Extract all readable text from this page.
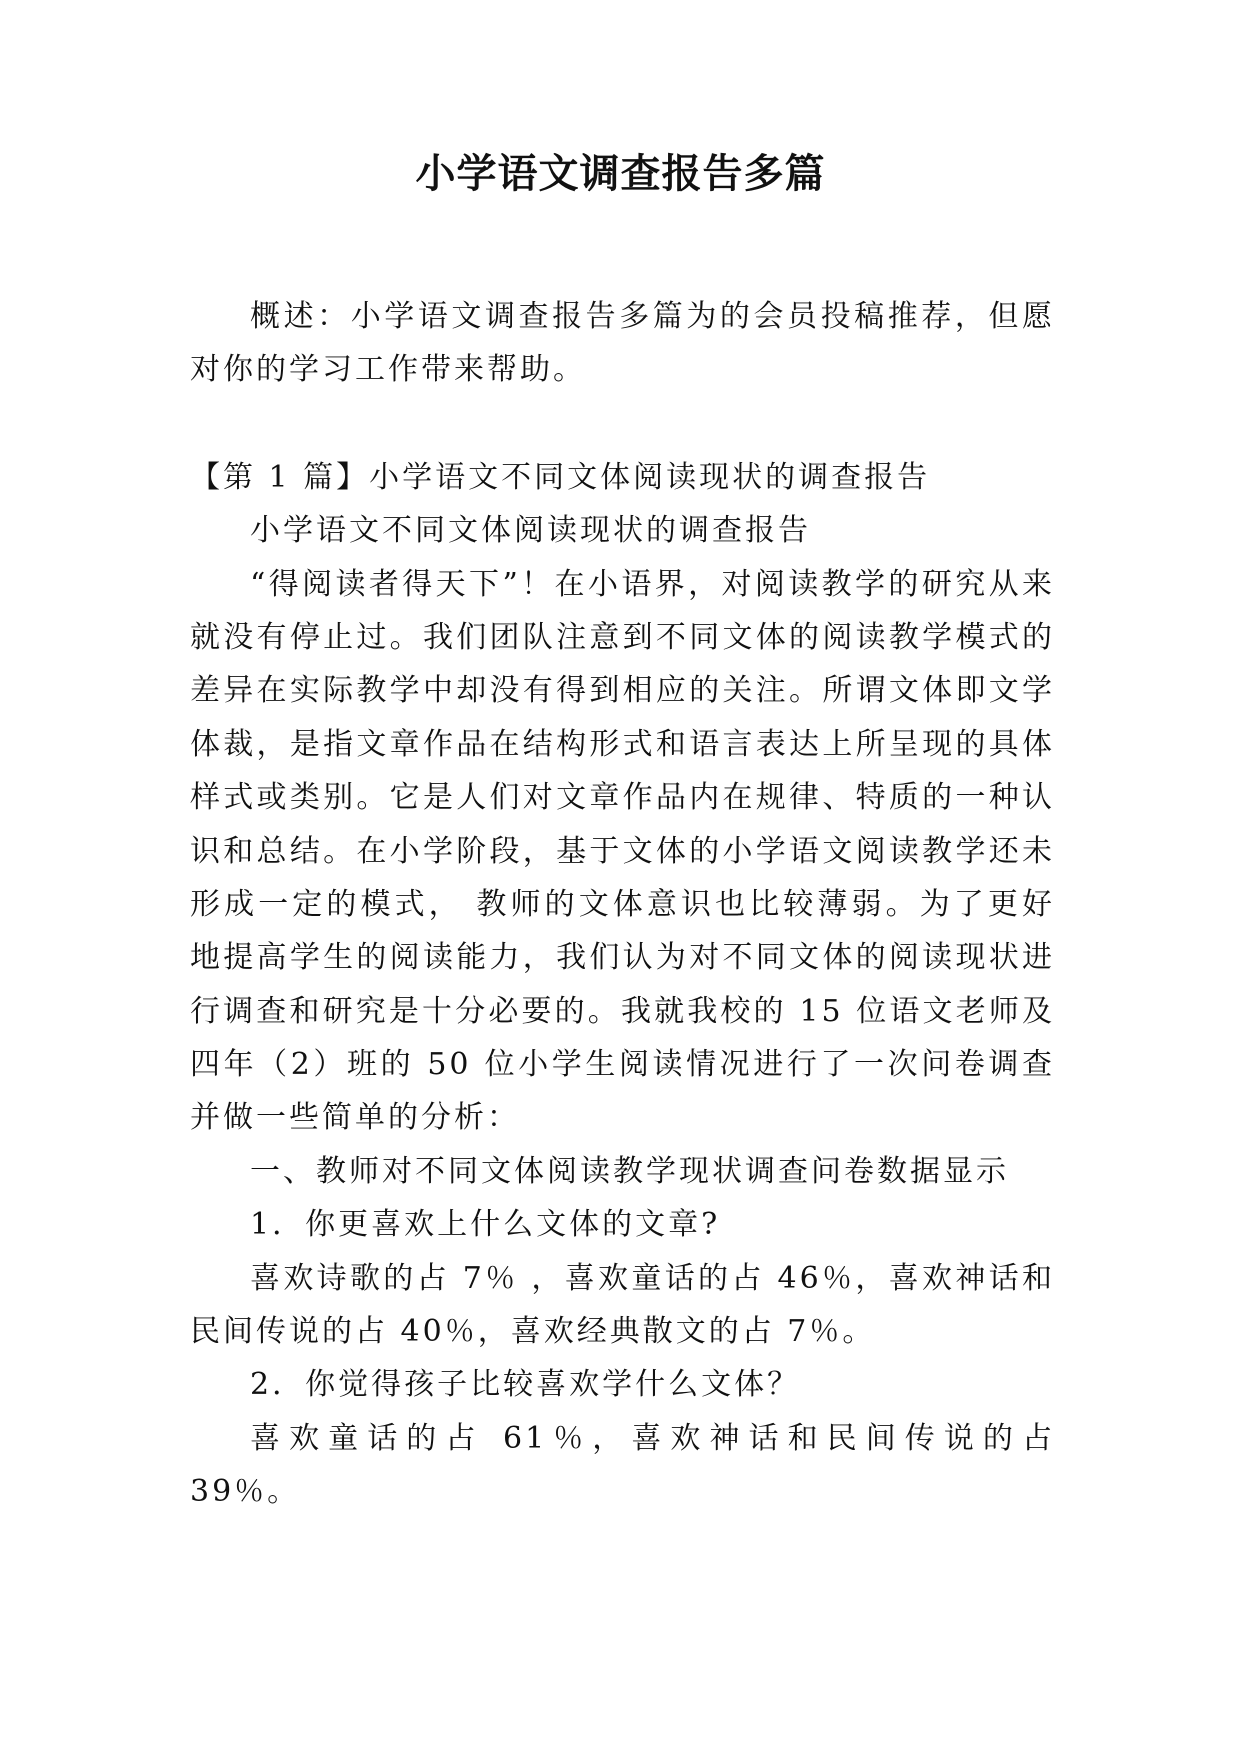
小学语文调查报告多篇

概述：小学语文调查报告多篇为的会员投稿推荐，但愿对你的学习工作带来帮助。

【第 1 篇】小学语文不同文体阅读现状的调查报告

小学语文不同文体阅读现状的调查报告

“得阅读者得天下”！在小语界，对阅读教学的研究从来就没有停止过。我们团队注意到不同文体的阅读教学模式的差异在实际教学中却没有得到相应的关注。所谓文体即文学体裁，是指文章作品在结构形式和语言表达上所呈现的具体样式或类别。它是人们对文章作品内在规律、特质的一种认识和总结。在小学阶段，基于文体的小学语文阅读教学还未形成一定的模式， 教师的文体意识也比较薄弱。为了更好地提高学生的阅读能力，我们认为对不同文体的阅读现状进行调查和研究是十分必要的。我就我校的 15 位语文老师及四年（2）班的 50 位小学生阅读情况进行了一次问卷调查并做一些简单的分析：

一、教师对不同文体阅读教学现状调查问卷数据显示

1．你更喜欢上什么文体的文章?

喜欢诗歌的占 7％ ，喜欢童话的占 46％，喜欢神话和民间传说的占 40％，喜欢经典散文的占 7％。

2．你觉得孩子比较喜欢学什么文体？

喜欢童话的占 61％，喜欢神话和民间传说的占 39％。
